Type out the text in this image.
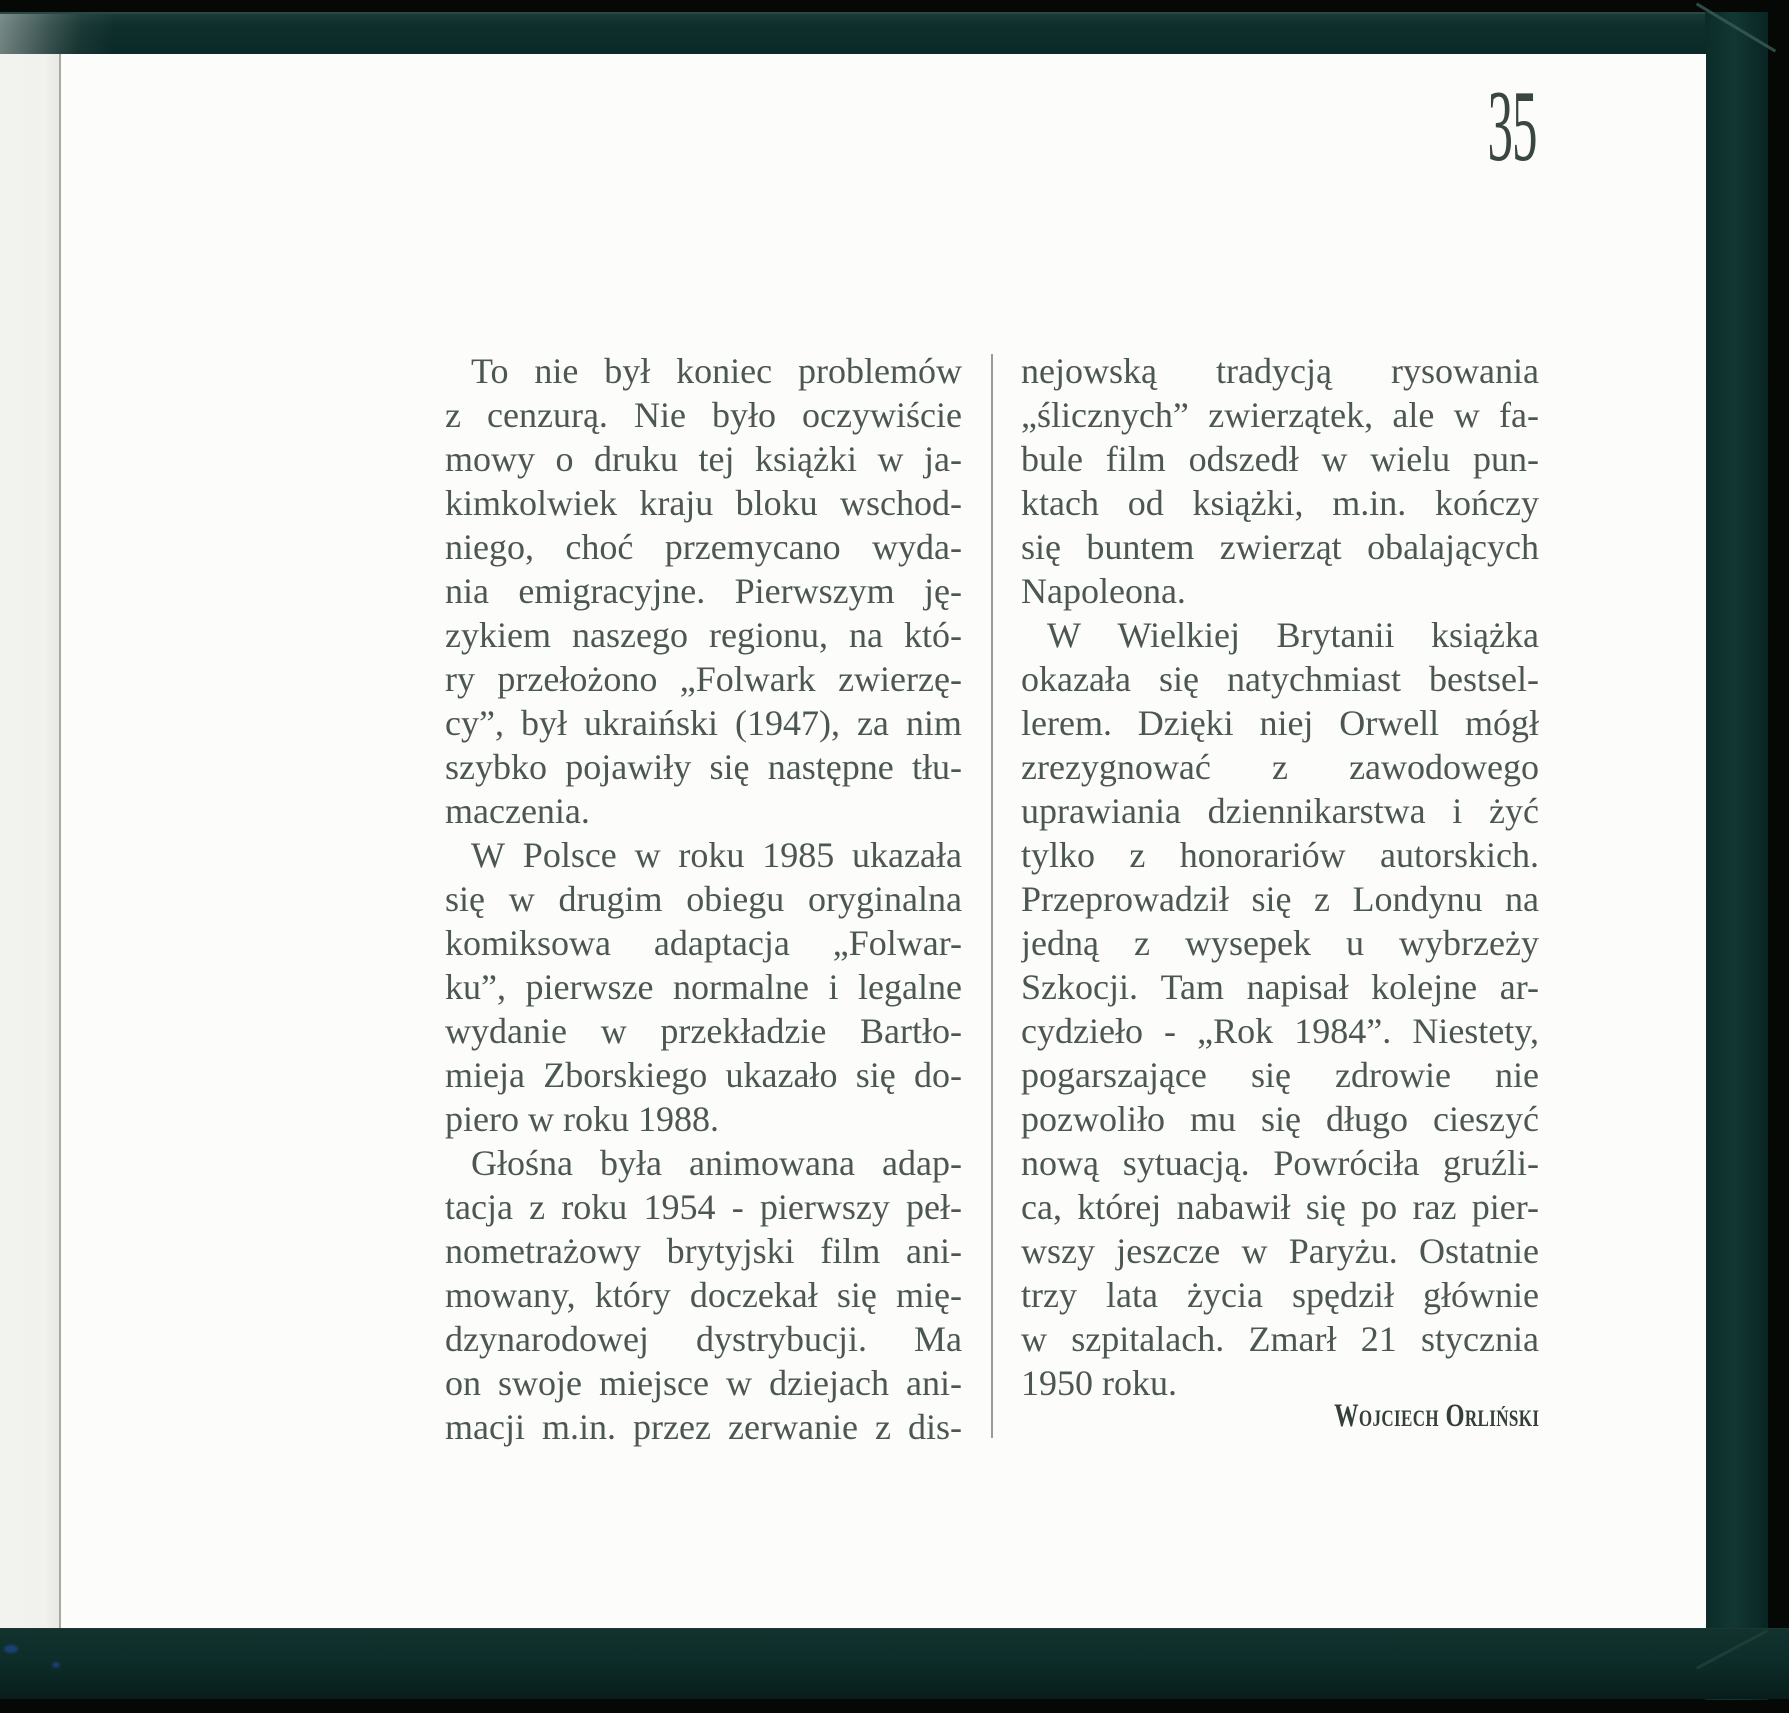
35
To nie był koniec problemów
z cenzurą. Nie było oczywiście
mowy o druku tej książki w ja-
kimkolwiek kraju bloku wschod-
niego, choć przemycano wyda-
nia emigracyjne. Pierwszym ję-
zykiem naszego regionu, na któ-
ry przełożono „Folwark zwierzę-
cy”, był ukraiński (1947), za nim
szybko pojawiły się następne tłu-
maczenia.
W Polsce w roku 1985 ukazała
się w drugim obiegu oryginalna
komiksowa adaptacja „Folwar-
ku”, pierwsze normalne i legalne
wydanie w przekładzie Bartło-
mieja Zborskiego ukazało się do-
piero w roku 1988.
Głośna była animowana adap-
tacja z roku 1954 - pierwszy peł-
nometrażowy brytyjski film ani-
mowany, który doczekał się mię-
dzynarodowej dystrybucji. Ma
on swoje miejsce w dziejach ani-
macji m.in. przez zerwanie z dis-
nejowską tradycją rysowania
„ślicznych” zwierzątek, ale w fa-
bule film odszedł w wielu pun-
ktach od książki, m.in. kończy
się buntem zwierząt obalających
Napoleona.
W Wielkiej Brytanii książka
okazała się natychmiast bestsel-
lerem. Dzięki niej Orwell mógł
zrezygnować z zawodowego
uprawiania dziennikarstwa i żyć
tylko z honorariów autorskich.
Przeprowadził się z Londynu na
jedną z wysepek u wybrzeży
Szkocji. Tam napisał kolejne ar-
cydzieło - „Rok 1984”. Niestety,
pogarszające się zdrowie nie
pozwoliło mu się długo cieszyć
nową sytuacją. Powróciła gruźli-
ca, której nabawił się po raz pier-
wszy jeszcze w Paryżu. Ostatnie
trzy lata życia spędził głównie
w szpitalach. Zmarł 21 stycznia
1950 roku.
Wojciech Orliński
